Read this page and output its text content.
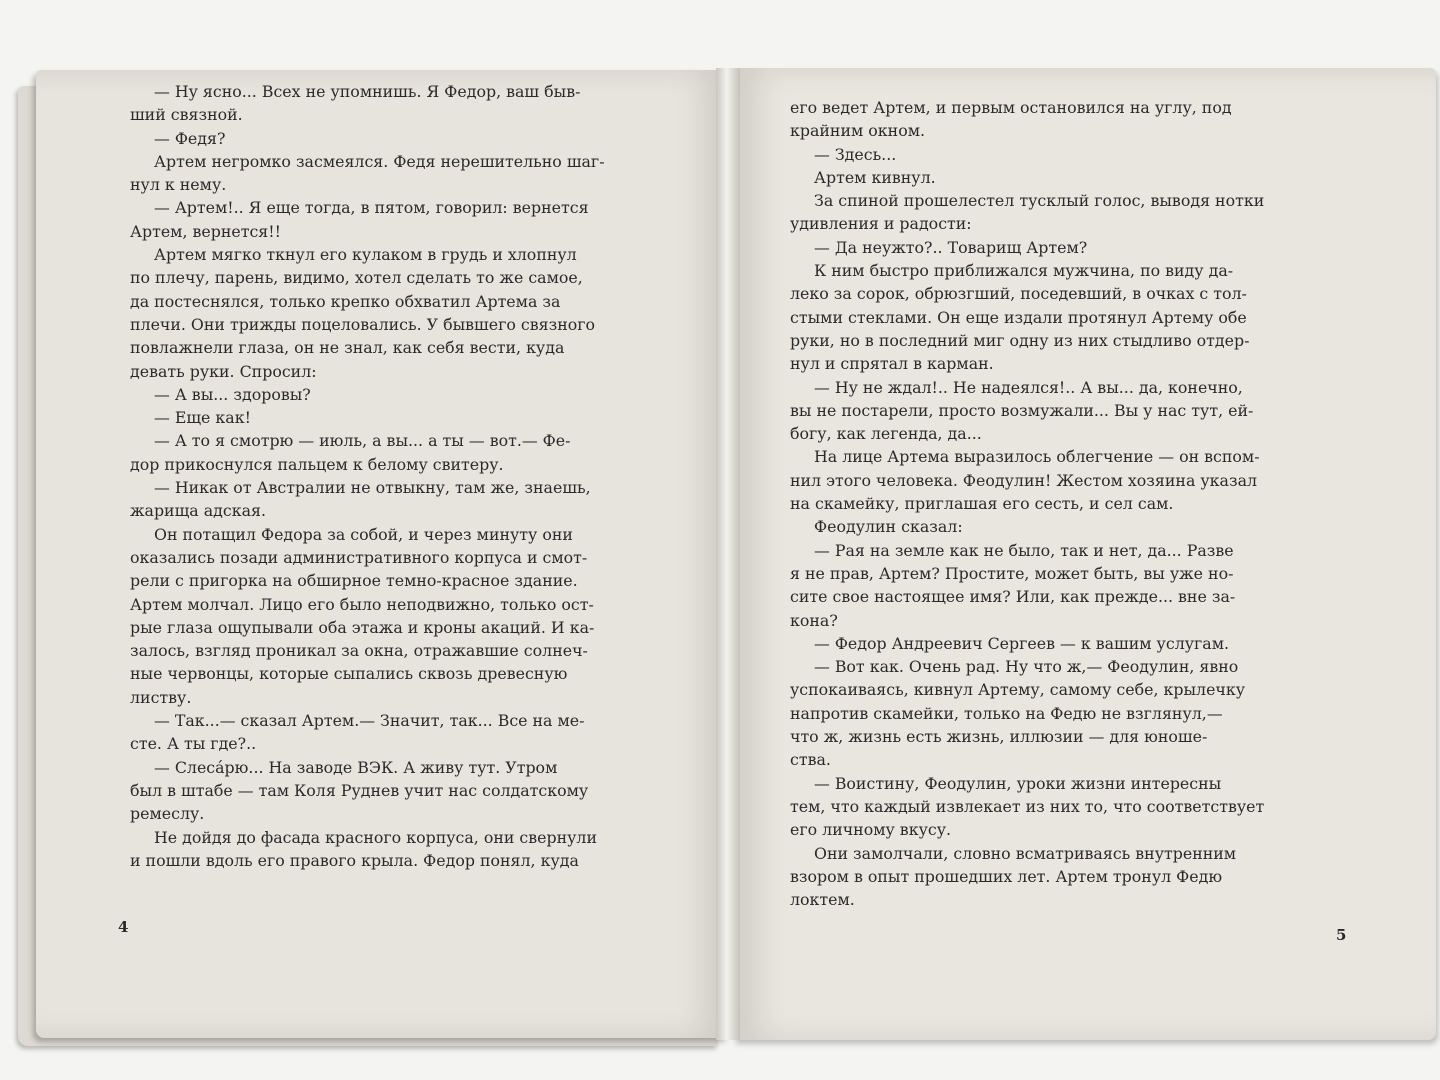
— Ну ясно... Всех не упомнишь. Я Федор, ваш быв-

ший связной.

— Федя?

Артем негромко засмеялся. Федя нерешительно шаг-

нул к нему.

— Артем!.. Я еще тогда, в пятом, говорил: вернется

Артем, вернется!!

Артем мягко ткнул его кулаком в грудь и хлопнул

по плечу, парень, видимо, хотел сделать то же самое,

да постеснялся, только крепко обхватил Артема за

плечи. Они трижды поцеловались. У бывшего связного

повлажнели глаза, он не знал, как себя вести, куда

девать руки. Спросил:

— А вы... здоровы?

— Еще как!

— А то я смотрю — июль, а вы... а ты — вот.— Фе-

дор прикоснулся пальцем к белому свитеру.

— Никак от Австралии не отвыкну, там же, знаешь,

жарища адская.

Он потащил Федора за собой, и через минуту они

оказались позади административного корпуса и смот-

рели с пригорка на обширное темно-красное здание.

Артем молчал. Лицо его было неподвижно, только ост-

рые глаза ощупывали оба этажа и кроны акаций. И ка-

залось, взгляд проникал за окна, отражавшие солнеч-

ные червонцы, которые сыпались сквозь древесную

листву.

— Так...— сказал Артем.— Значит, так... Все на ме-

сте. А ты где?..

— Слесáрю... На заводе ВЭК. А живу тут. Утром

был в штабе — там Коля Руднев учит нас солдатскому

ремеслу.

Не дойдя до фасада красного корпуса, они свернули

и пошли вдоль его правого крыла. Федор понял, куда

4

его ведет Артем, и первым остановился на углу, под

крайним окном.

— Здесь...

Артем кивнул.

За спиной прошелестел тусклый голос, выводя нотки

удивления и радости:

— Да неужто?.. Товарищ Артем?

К ним быстро приближался мужчина, по виду да-

леко за сорок, обрюзгший, поседевший, в очках с тол-

стыми стеклами. Он еще издали протянул Артему обе

руки, но в последний миг одну из них стыдливо отдер-

нул и спрятал в карман.

— Ну не ждал!.. Не надеялся!.. А вы... да, конечно,

вы не постарели, просто возмужали... Вы у нас тут, ей-

богу, как легенда, да...

На лице Артема выразилось облегчение — он вспом-

нил этого человека. Феодулин! Жестом хозяина указал

на скамейку, приглашая его сесть, и сел сам.

Феодулин сказал:

— Рая на земле как не было, так и нет, да... Разве

я не прав, Артем? Простите, может быть, вы уже но-

сите свое настоящее имя? Или, как прежде... вне за-

кона?

— Федор Андреевич Сергеев — к вашим услугам.

— Вот как. Очень рад. Ну что ж,— Феодулин, явно

успокаиваясь, кивнул Артему, самому себе, крылечку

напротив скамейки, только на Федю не взглянул,—

что ж, жизнь есть жизнь, иллюзии — для юноше-

ства.

— Воистину, Феодулин, уроки жизни интересны

тем, что каждый извлекает из них то, что соответствует

его личному вкусу.

Они замолчали, словно всматриваясь внутренним

взором в опыт прошедших лет. Артем тронул Федю

локтем.

5
